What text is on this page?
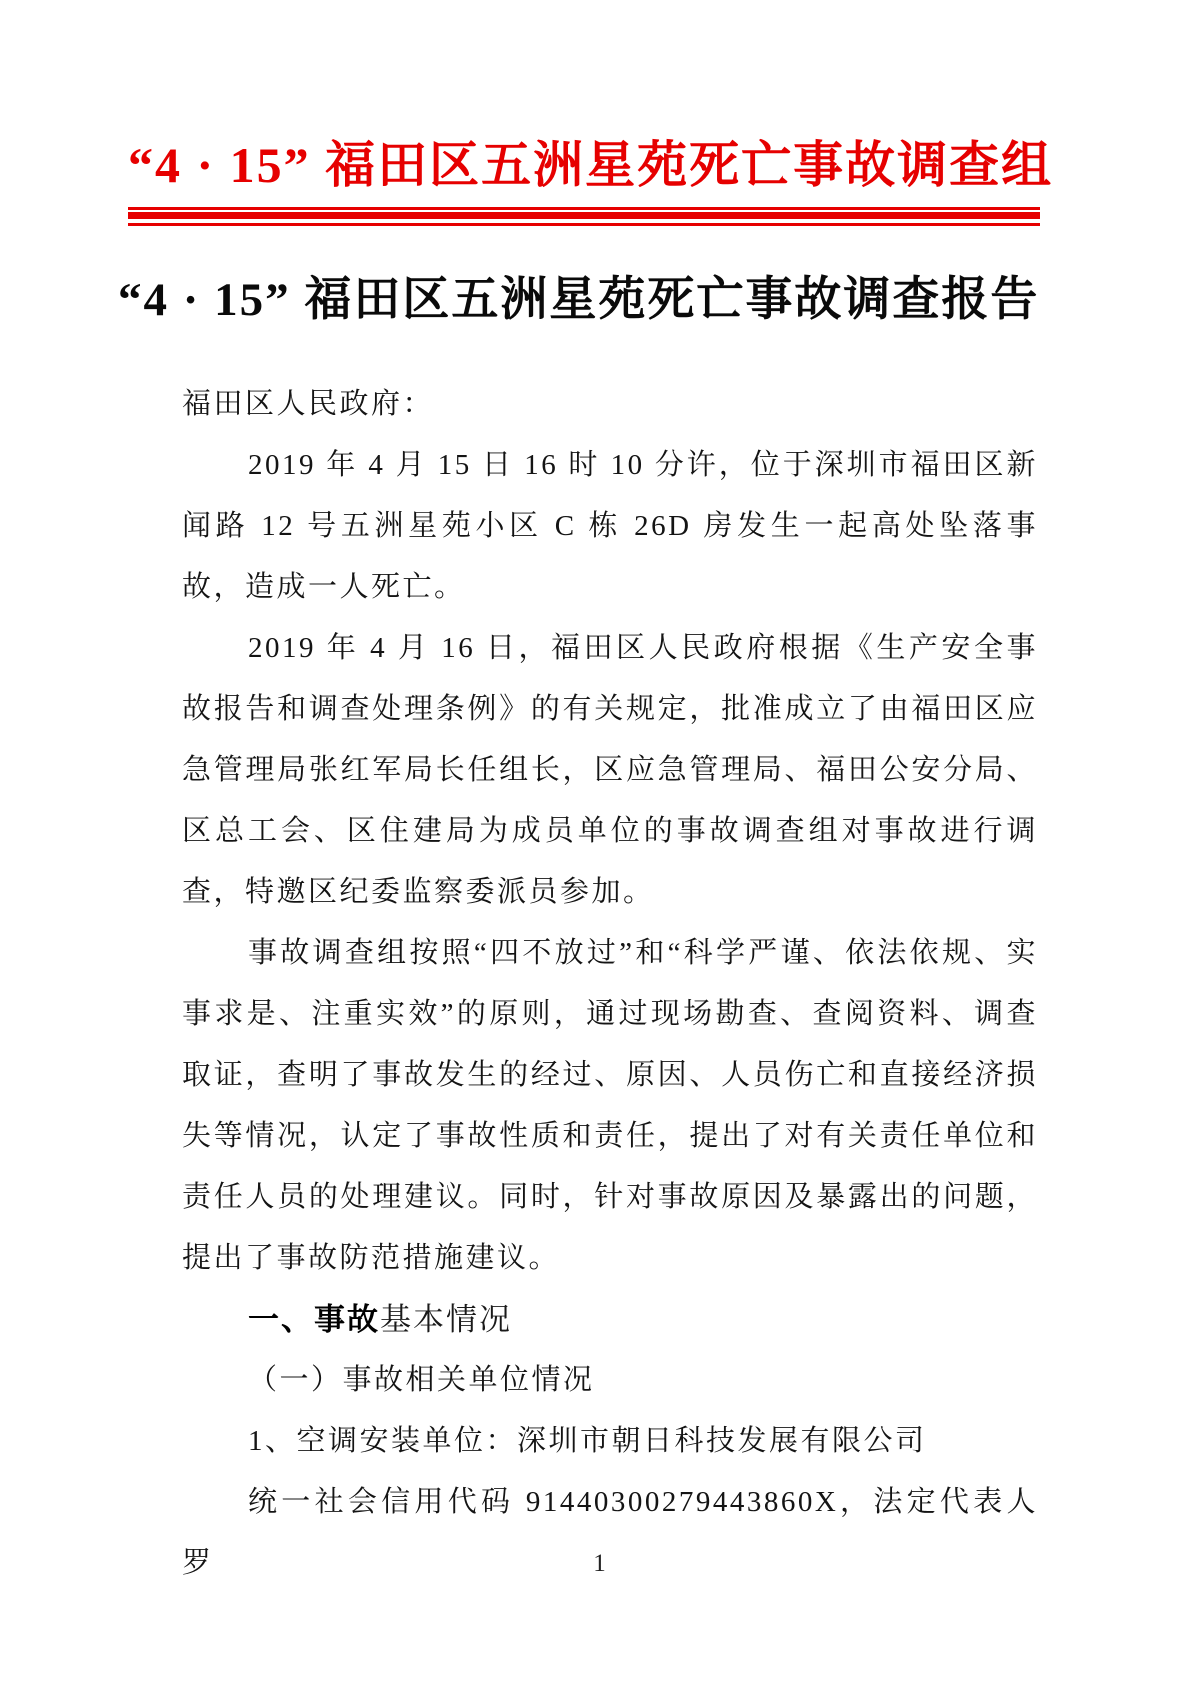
“4 · 15” 福田区五洲星苑死亡事故调查组
“4 · 15” 福田区五洲星苑死亡事故调查报告

福田区人民政府：

2019 年 4 月 15 日 16 时 10 分许，位于深圳市福田区新闻路 12 号五洲星苑小区 C 栋 26D 房发生一起高处坠落事故，造成一人死亡。

2019 年 4 月 16 日，福田区人民政府根据《生产安全事故报告和调查处理条例》的有关规定，批准成立了由福田区应急管理局张红军局长任组长，区应急管理局、福田公安分局、区总工会、区住建局为成员单位的事故调查组对事故进行调查，特邀区纪委监察委派员参加。

事故调查组按照“四不放过”和“科学严谨、依法依规、实事求是、注重实效”的原则，通过现场勘查、查阅资料、调查取证，查明了事故发生的经过、原因、人员伤亡和直接经济损失等情况，认定了事故性质和责任，提出了对有关责任单位和责任人员的处理建议。同时，针对事故原因及暴露出的问题，提出了事故防范措施建议。

一、事故基本情况

（一）事故相关单位情况

1、空调安装单位：深圳市朝日科技发展有限公司

统一社会信用代码 91440300279443860X，法定代表人罗	1
